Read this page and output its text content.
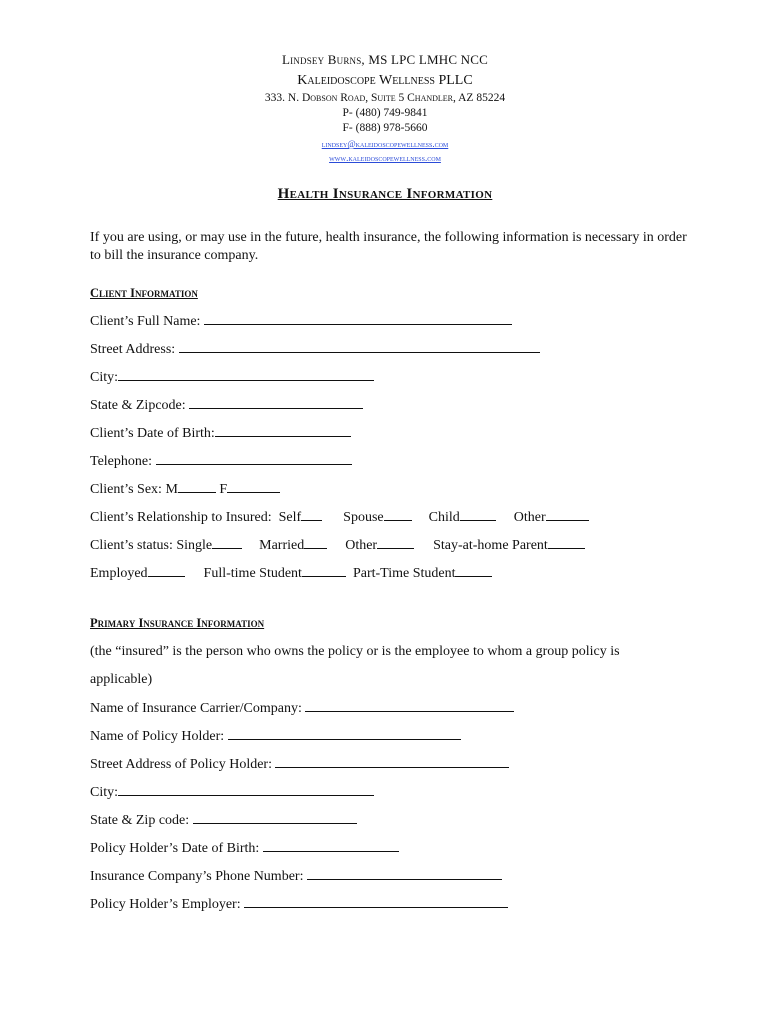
Lindsey Burns, MS LPC LMHC NCC
Kaleidoscope Wellness PLLC
333. N. Dobson Road, Suite 5 Chandler, AZ 85224
P- (480) 749-9841
F- (888) 978-5660
lindsey@kaleidoscopewellness.com
www.kaleidoscopewellness.com
Health Insurance Information
If you are using, or may use in the future, health insurance, the following information is necessary in order to bill the insurance company.
Client Information
Client’s Full Name:
Street Address:
City:
State & Zipcode:
Client’s Date of Birth:
Telephone:
Client’s Sex: M	F
Client’s Relationship to Insured:  Self	Spouse	Child	Other
Client’s status: Single	Married	Other	Stay-at-home Parent
Employed	Full-time Student	Part-Time Student
Primary Insurance Information
(the “insured” is the person who owns the policy or is the employee to whom a group policy is
applicable)
Name of Insurance Carrier/Company:
Name of Policy Holder:
Street Address of Policy Holder:
City:
State & Zip code:
Policy Holder’s Date of Birth:
Insurance Company’s Phone Number:
Policy Holder’s Employer:
